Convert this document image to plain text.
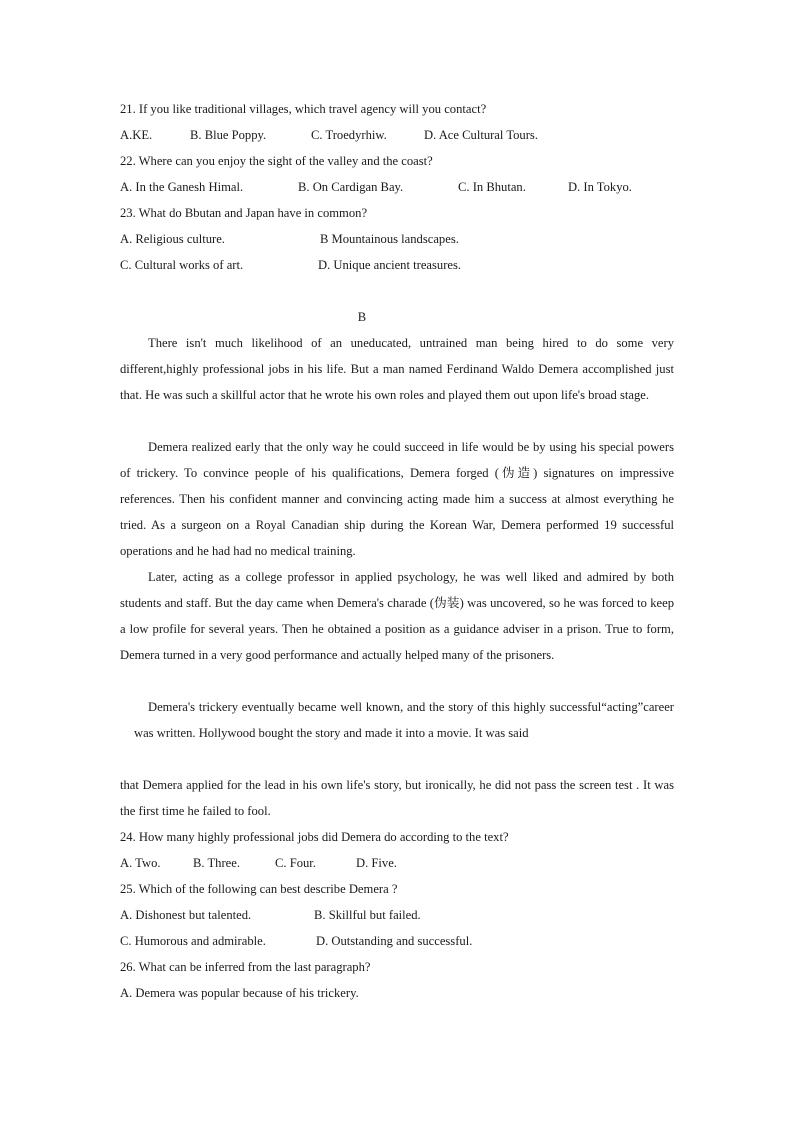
21. If you like traditional villages, which travel agency will you contact?
A.KE.	B. Blue Poppy.	C. Troedyrhiw.	D. Ace Cultural Tours.
22. Where can you enjoy the sight of the valley and the coast?
A. In the Ganesh Himal.	B. On Cardigan Bay.	C. In Bhutan.	D. In Tokyo.
23. What do Bbutan and Japan have in common?
A. Religious culture.	B Mountainous landscapes.
C. Cultural works of art.	D. Unique ancient treasures.
B
There isn't much likelihood of an uneducated, untrained man being hired to do some very different,highly professional jobs in his life. But a man named Ferdinand Waldo Demera accomplished just that. He was such a skillful actor that he wrote his own roles and played them out upon life's broad stage.
Demera realized early that the only way he could succeed in life would be by using his special powers of trickery. To convince people of his qualifications, Demera forged (伪造) signatures on impressive references. Then his confident manner and convincing acting made him a success at almost everything he tried. As a surgeon on a Royal Canadian ship during the Korean War, Demera performed 19 successful operations and he had had no medical training.
Later, acting as a college professor in applied psychology, he was well liked and admired by both students and staff. But the day came when Demera's charade (伪装) was uncovered, so he was forced to keep a low profile for several years. Then he obtained a position as a guidance adviser in a prison. True to form, Demera turned in a very good performance and actually helped many of the prisoners.
Demera's trickery eventually became well known, and the story of this highly successful“acting”career was written. Hollywood bought the story and made it into a movie. It was said
that Demera applied for the lead in his own life's story, but ironically, he did not pass the screen test . It was the first time he failed to fool.
24. How many highly professional jobs did Demera do according to the text?
A. Two.	B. Three.	C. Four.	D. Five.
25. Which of the following can best describe Demera ?
A. Dishonest but talented.	B. Skillful but failed.
C. Humorous and admirable.	D. Outstanding and successful.
26. What can be inferred from the last paragraph?
A. Demera was popular because of his trickery.
